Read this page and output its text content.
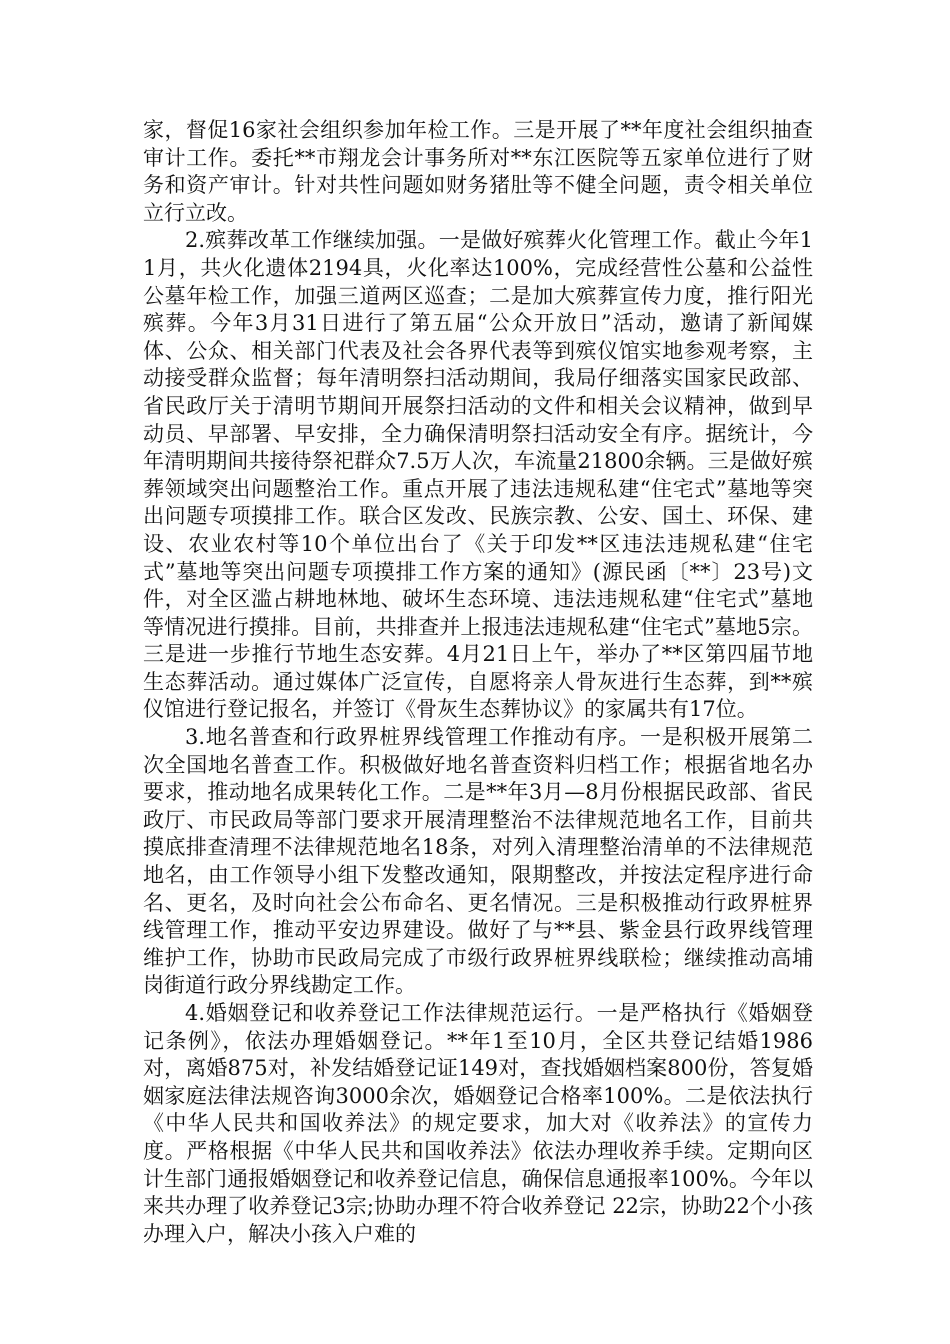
家，督促16家社会组织参加年检工作。三是开展了**年度社会组织抽查审计工作。委托**市翔龙会计事务所对**东江医院等五家单位进行了财务和资产审计。针对共性问题如财务猪肚等不健全问题，责令相关单位立行立改。

2.殡葬改革工作继续加强。一是做好殡葬火化管理工作。截止今年11月，共火化遗体2194具，火化率达100%，完成经营性公墓和公益性公墓年检工作，加强三道两区巡查；二是加大殡葬宣传力度，推行阳光殡葬。今年3月31日进行了第五届“公众开放日”活动，邀请了新闻媒体、公众、相关部门代表及社会各界代表等到殡仪馆实地参观考察，主动接受群众监督；每年清明祭扫活动期间，我局仔细落实国家民政部、省民政厅关于清明节期间开展祭扫活动的文件和相关会议精神，做到早动员、早部署、早安排，全力确保清明祭扫活动安全有序。据统计，今年清明期间共接待祭祀群众7.5万人次，车流量21800余辆。三是做好殡葬领域突出问题整治工作。重点开展了违法违规私建“住宅式”墓地等突出问题专项摸排工作。联合区发改、民族宗教、公安、国土、环保、建设、农业农村等10个单位出台了《关于印发**区违法违规私建“住宅式”墓地等突出问题专项摸排工作方案的通知》(源民函〔**〕23号)文件，对全区滥占耕地林地、破坏生态环境、违法违规私建“住宅式”墓地等情况进行摸排。目前，共排查并上报违法违规私建“住宅式”墓地5宗。三是进一步推行节地生态安葬。4月21日上午，举办了**区第四届节地生态葬活动。通过媒体广泛宣传，自愿将亲人骨灰进行生态葬，到**殡仪馆进行登记报名，并签订《骨灰生态葬协议》的家属共有17位。

3.地名普查和行政界桩界线管理工作推动有序。一是积极开展第二次全国地名普查工作。积极做好地名普查资料归档工作；根据省地名办要求，推动地名成果转化工作。二是**年3月—8月份根据民政部、省民政厅、市民政局等部门要求开展清理整治不法律规范地名工作，目前共摸底排查清理不法律规范地名18条，对列入清理整治清单的不法律规范地名，由工作领导小组下发整改通知，限期整改，并按法定程序进行命名、更名，及时向社会公布命名、更名情况。三是积极推动行政界桩界线管理工作，推动平安边界建设。做好了与**县、紫金县行政界线管理维护工作，协助市民政局完成了市级行政界桩界线联检；继续推动高埔岗街道行政分界线勘定工作。

4.婚姻登记和收养登记工作法律规范运行。一是严格执行《婚姻登记条例》，依法办理婚姻登记。**年1至10月，全区共登记结婚1986对，离婚875对，补发结婚登记证149对，查找婚姻档案800份，答复婚姻家庭法律法规咨询3000余次，婚姻登记合格率100%。二是依法执行《中华人民共和国收养法》的规定要求，加大对《收养法》的宣传力度。严格根据《中华人民共和国收养法》依法办理收养手续。定期向区计生部门通报婚姻登记和收养登记信息，确保信息通报率100%。今年以来共办理了收养登记3宗;协助办理不符合收养登记 22宗，协助22个小孩办理入户，解决小孩入户难的
